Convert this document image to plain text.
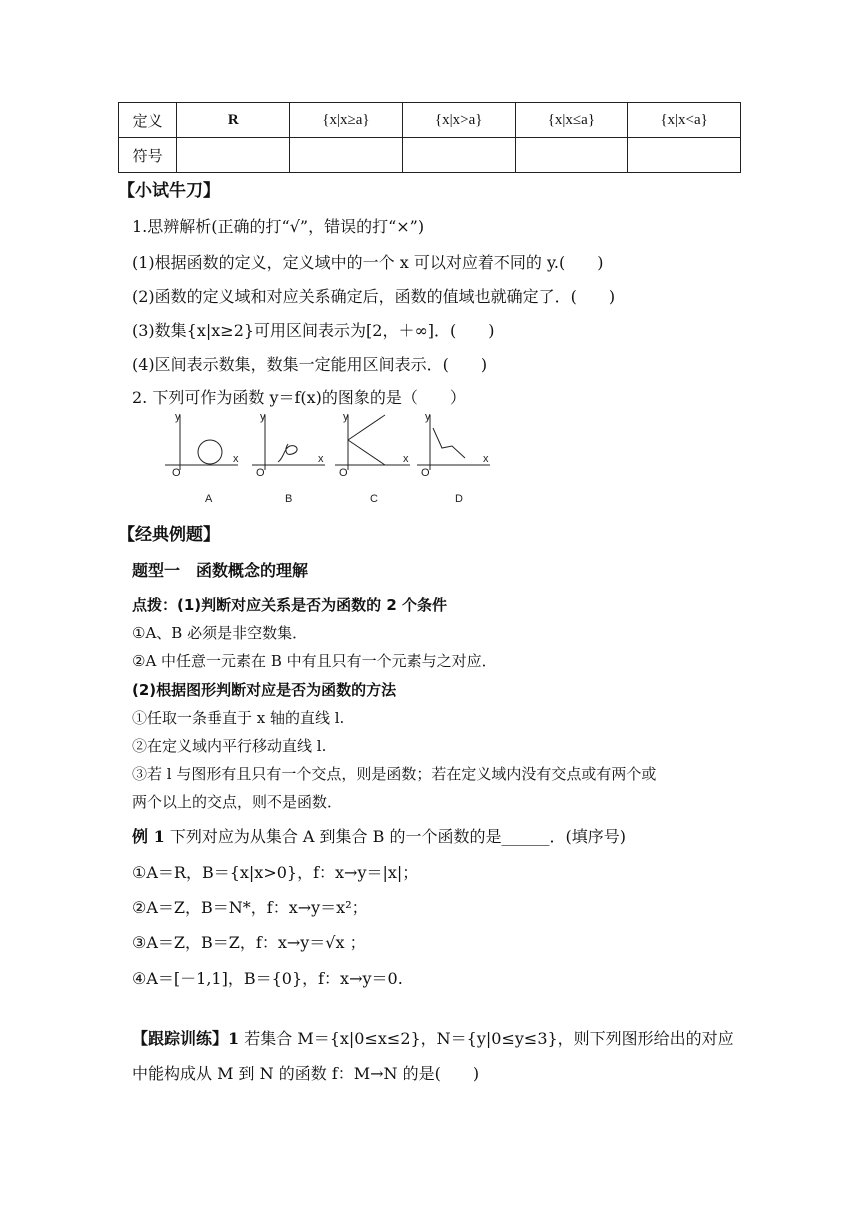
定义	R	{x|x≥a}	{x|x>a}	{x|x≤a}	{x|x<a}
符号					
【小试牛刀】
1.思辨解析(正确的打“√”，错误的打“×”)
(1)根据函数的定义，定义域中的一个 x 可以对应着不同的 y.(　　)
(2)函数的定义域和对应关系确定后，函数的值域也就确定了．(　　)
(3)数集{x|x≥2}可用区间表示为[2，＋∞]．(　　)
(4)区间表示数集，数集一定能用区间表示．(　　)
2. 下列可作为函数 y＝f(x)的图象的是（　　）
y
x
O
A
y
x
O
B
y
x
O
C
y
x
O
D
【经典例题】
题型一　函数概念的理解
点拨：(1)判断对应关系是否为函数的 2 个条件
①A、B 必须是非空数集．
②A 中任意一元素在 B 中有且只有一个元素与之对应．
(2)根据图形判断对应是否为函数的方法
①任取一条垂直于 x 轴的直线 l.
②在定义域内平行移动直线 l.
③若 l 与图形有且只有一个交点，则是函数；若在定义域内没有交点或有两个或
两个以上的交点，则不是函数．
例 1 下列对应为从集合 A 到集合 B 的一个函数的是______．(填序号)
①A＝R，B＝{x|x>0}，f：x→y＝|x|；
②A＝Z，B＝N*，f：x→y＝x²；
③A＝Z，B＝Z，f：x→y＝√x ；
④A＝[－1,1]，B＝{0}，f：x→y＝0.
【跟踪训练】1 若集合 M＝{x|0≤x≤2}，N＝{y|0≤y≤3}，则下列图形给出的对应
中能构成从 M 到 N 的函数 f：M→N 的是(　　)
